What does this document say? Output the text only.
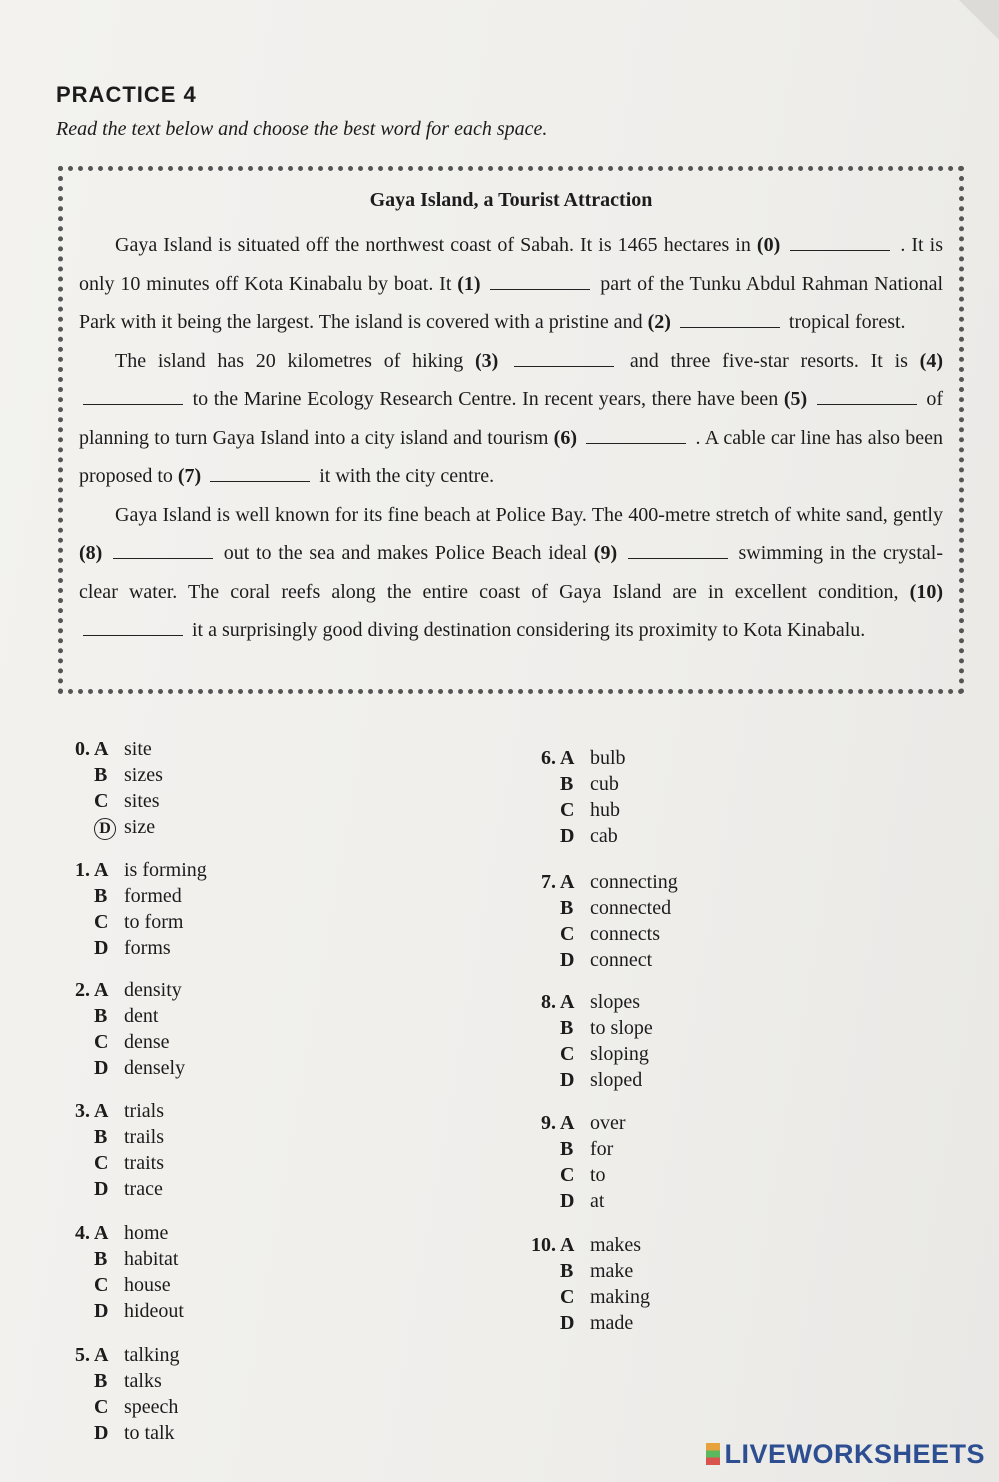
PRACTICE 4
Read the text below and choose the best word for each space.
Gaya Island, a Tourist Attraction

Gaya Island is situated off the northwest coast of Sabah. It is 1465 hectares in (0)	. It is only 10 minutes off Kota Kinabalu by boat. It (1)	part of the Tunku Abdul Rahman National Park with it being the largest. The island is covered with a pristine and (2)	tropical forest.

The island has 20 kilometres of hiking (3)	and three five-star resorts. It is (4)  to the Marine Ecology Research Centre. In recent years, there have been (5)	of planning to turn Gaya Island into a city island and tourism (6)	. A cable car line has also been proposed to (7)	it with the city centre.

Gaya Island is well known for its fine beach at Police Bay. The 400-metre stretch of white sand, gently (8)	out to the sea and makes Police Beach ideal (9)	swimming in the crystal-clear water. The coral reefs along the entire coast of Gaya Island are in excellent condition, (10)  it a surprisingly good diving destination considering its proximity to Kota Kinabalu.

0. A site
B sizes
C sites
D size
1. A is forming
B formed
C to form
D forms
2. A density
B dent
C dense
D densely
3. A trials
B trails
C traits
D trace
4. A home
B habitat
C house
D hideout
5. A talking
B talks
C speech
D to talk
6. A bulb
B cub
C hub
D cab
7. A connecting
B connected
C connects
D connect
8. A slopes
B to slope
C sloping
D sloped
9. A over
B for
C to
D at
10. A makes
B make
C making
D made
LIVEWORKSHEETS
